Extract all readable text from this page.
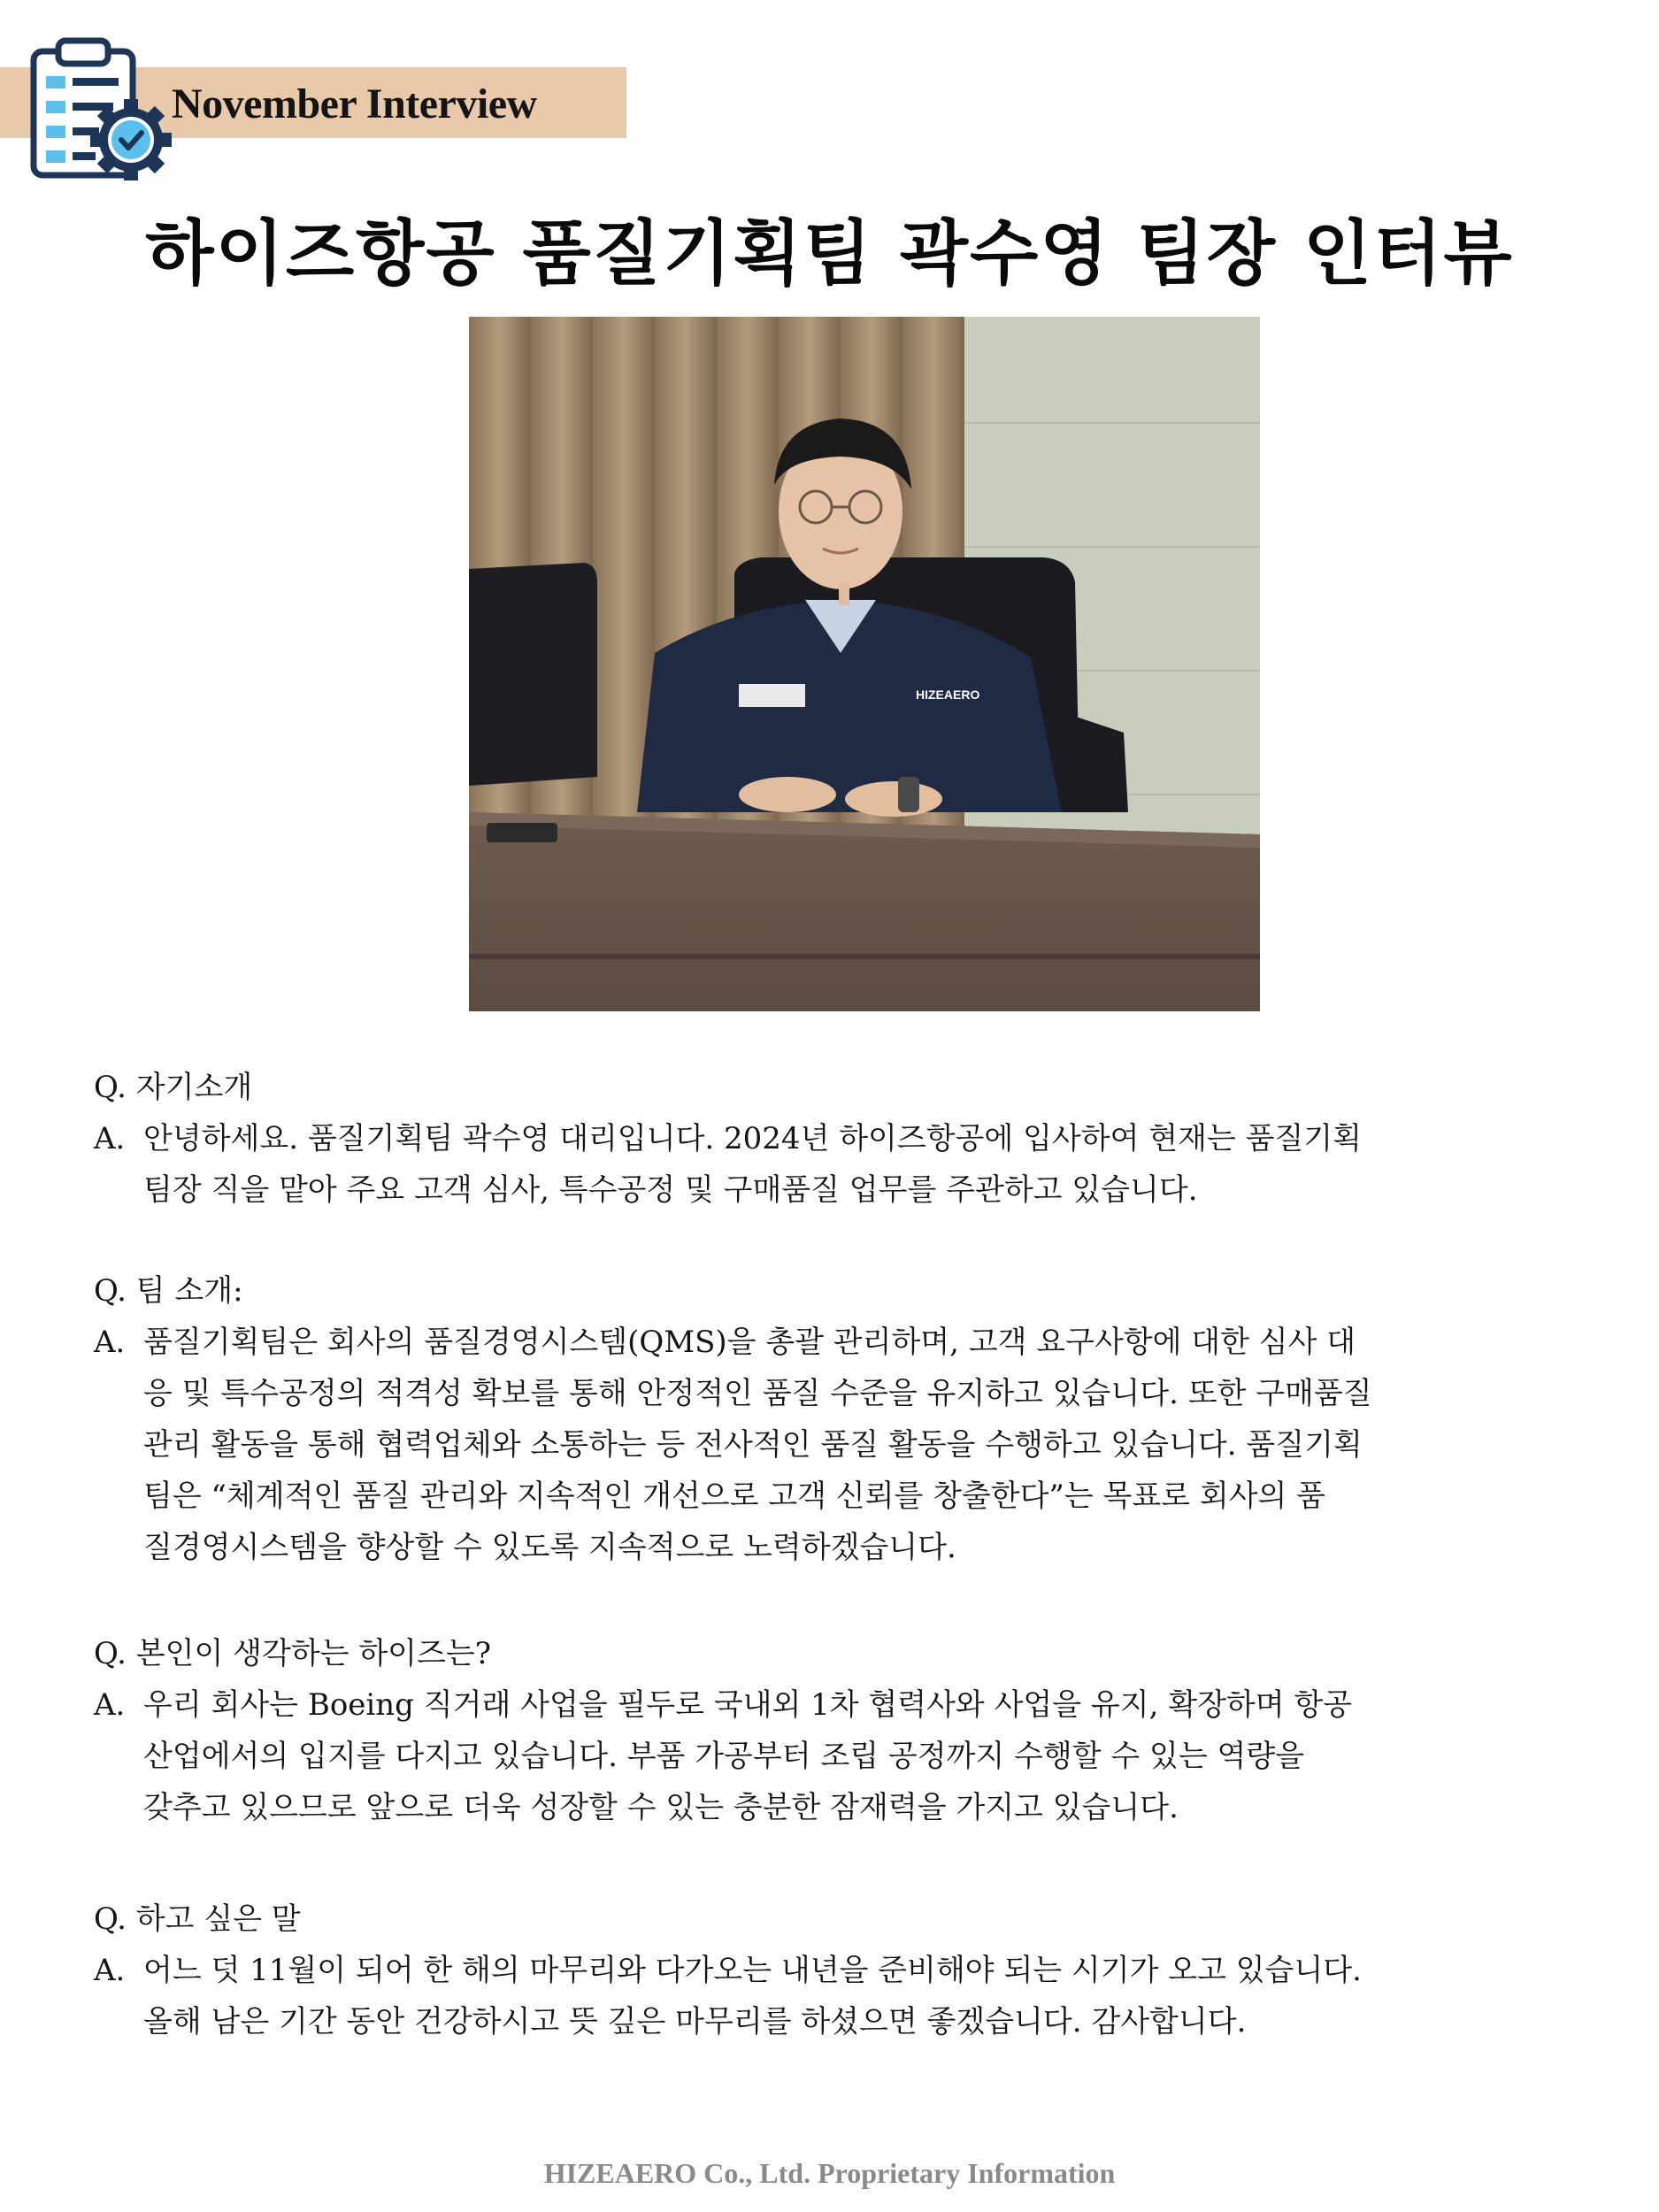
November Interview
하이즈항공 품질기획팀 곽수영 팀장 인터뷰
HIZEAERO
Q. 자기소개
A. 안녕하세요. 품질기획팀 곽수영 대리입니다. 2024년 하이즈항공에 입사하여 현재는 품질기획
팀장 직을 맡아 주요 고객 심사, 특수공정 및 구매품질 업무를 주관하고 있습니다.
Q. 팀 소개:
A. 품질기획팀은 회사의 품질경영시스템(QMS)을 총괄 관리하며, 고객 요구사항에 대한 심사 대
응 및 특수공정의 적격성 확보를 통해 안정적인 품질 수준을 유지하고 있습니다. 또한 구매품질
관리 활동을 통해 협력업체와 소통하는 등 전사적인 품질 활동을 수행하고 있습니다. 품질기획
팀은 “체계적인 품질 관리와 지속적인 개선으로 고객 신뢰를 창출한다”는 목표로 회사의 품
질경영시스템을 향상할 수 있도록 지속적으로 노력하겠습니다.
Q. 본인이 생각하는 하이즈는?
A. 우리 회사는 Boeing 직거래 사업을 필두로 국내외 1차 협력사와 사업을 유지, 확장하며 항공
산업에서의 입지를 다지고 있습니다. 부품 가공부터 조립 공정까지 수행할 수 있는 역량을
갖추고 있으므로 앞으로 더욱 성장할 수 있는 충분한 잠재력을 가지고 있습니다.
Q. 하고 싶은 말
A. 어느 덧 11월이 되어 한 해의 마무리와 다가오는 내년을 준비해야 되는 시기가 오고 있습니다.
올해 남은 기간 동안 건강하시고 뜻 깊은 마무리를 하셨으면 좋겠습니다. 감사합니다.
HIZEAERO Co., Ltd. Proprietary Information
